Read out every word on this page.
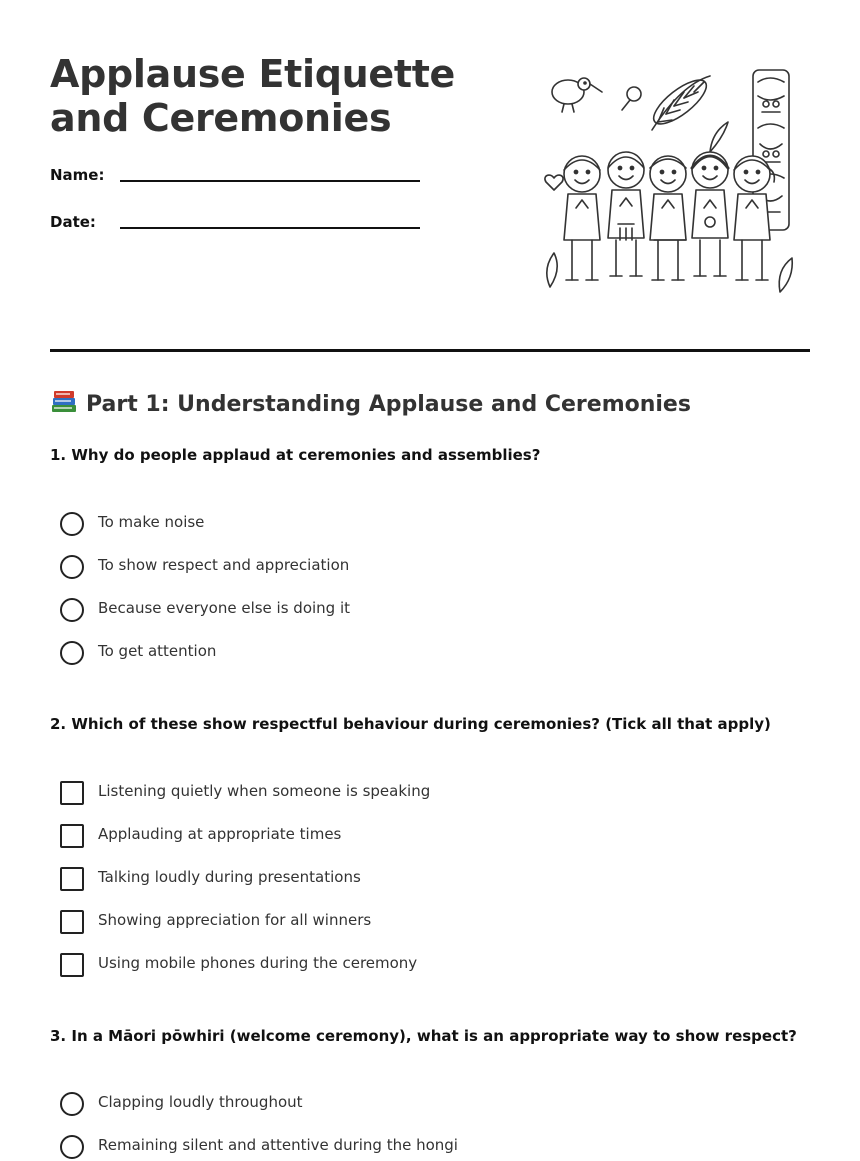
Applause Etiquette and Ceremonies
Name:
Date:
Part 1: Understanding Applause and Ceremonies
1. Why do people applaud at ceremonies and assemblies?
To make noise
To show respect and appreciation
Because everyone else is doing it
To get attention
2. Which of these show respectful behaviour during ceremonies? (Tick all that apply)
Listening quietly when someone is speaking
Applauding at appropriate times
Talking loudly during presentations
Showing appreciation for all winners
Using mobile phones during the ceremony
3. In a Māori pōwhiri (welcome ceremony), what is an appropriate way to show respect?
Clapping loudly throughout
Remaining silent and attentive during the hongi
